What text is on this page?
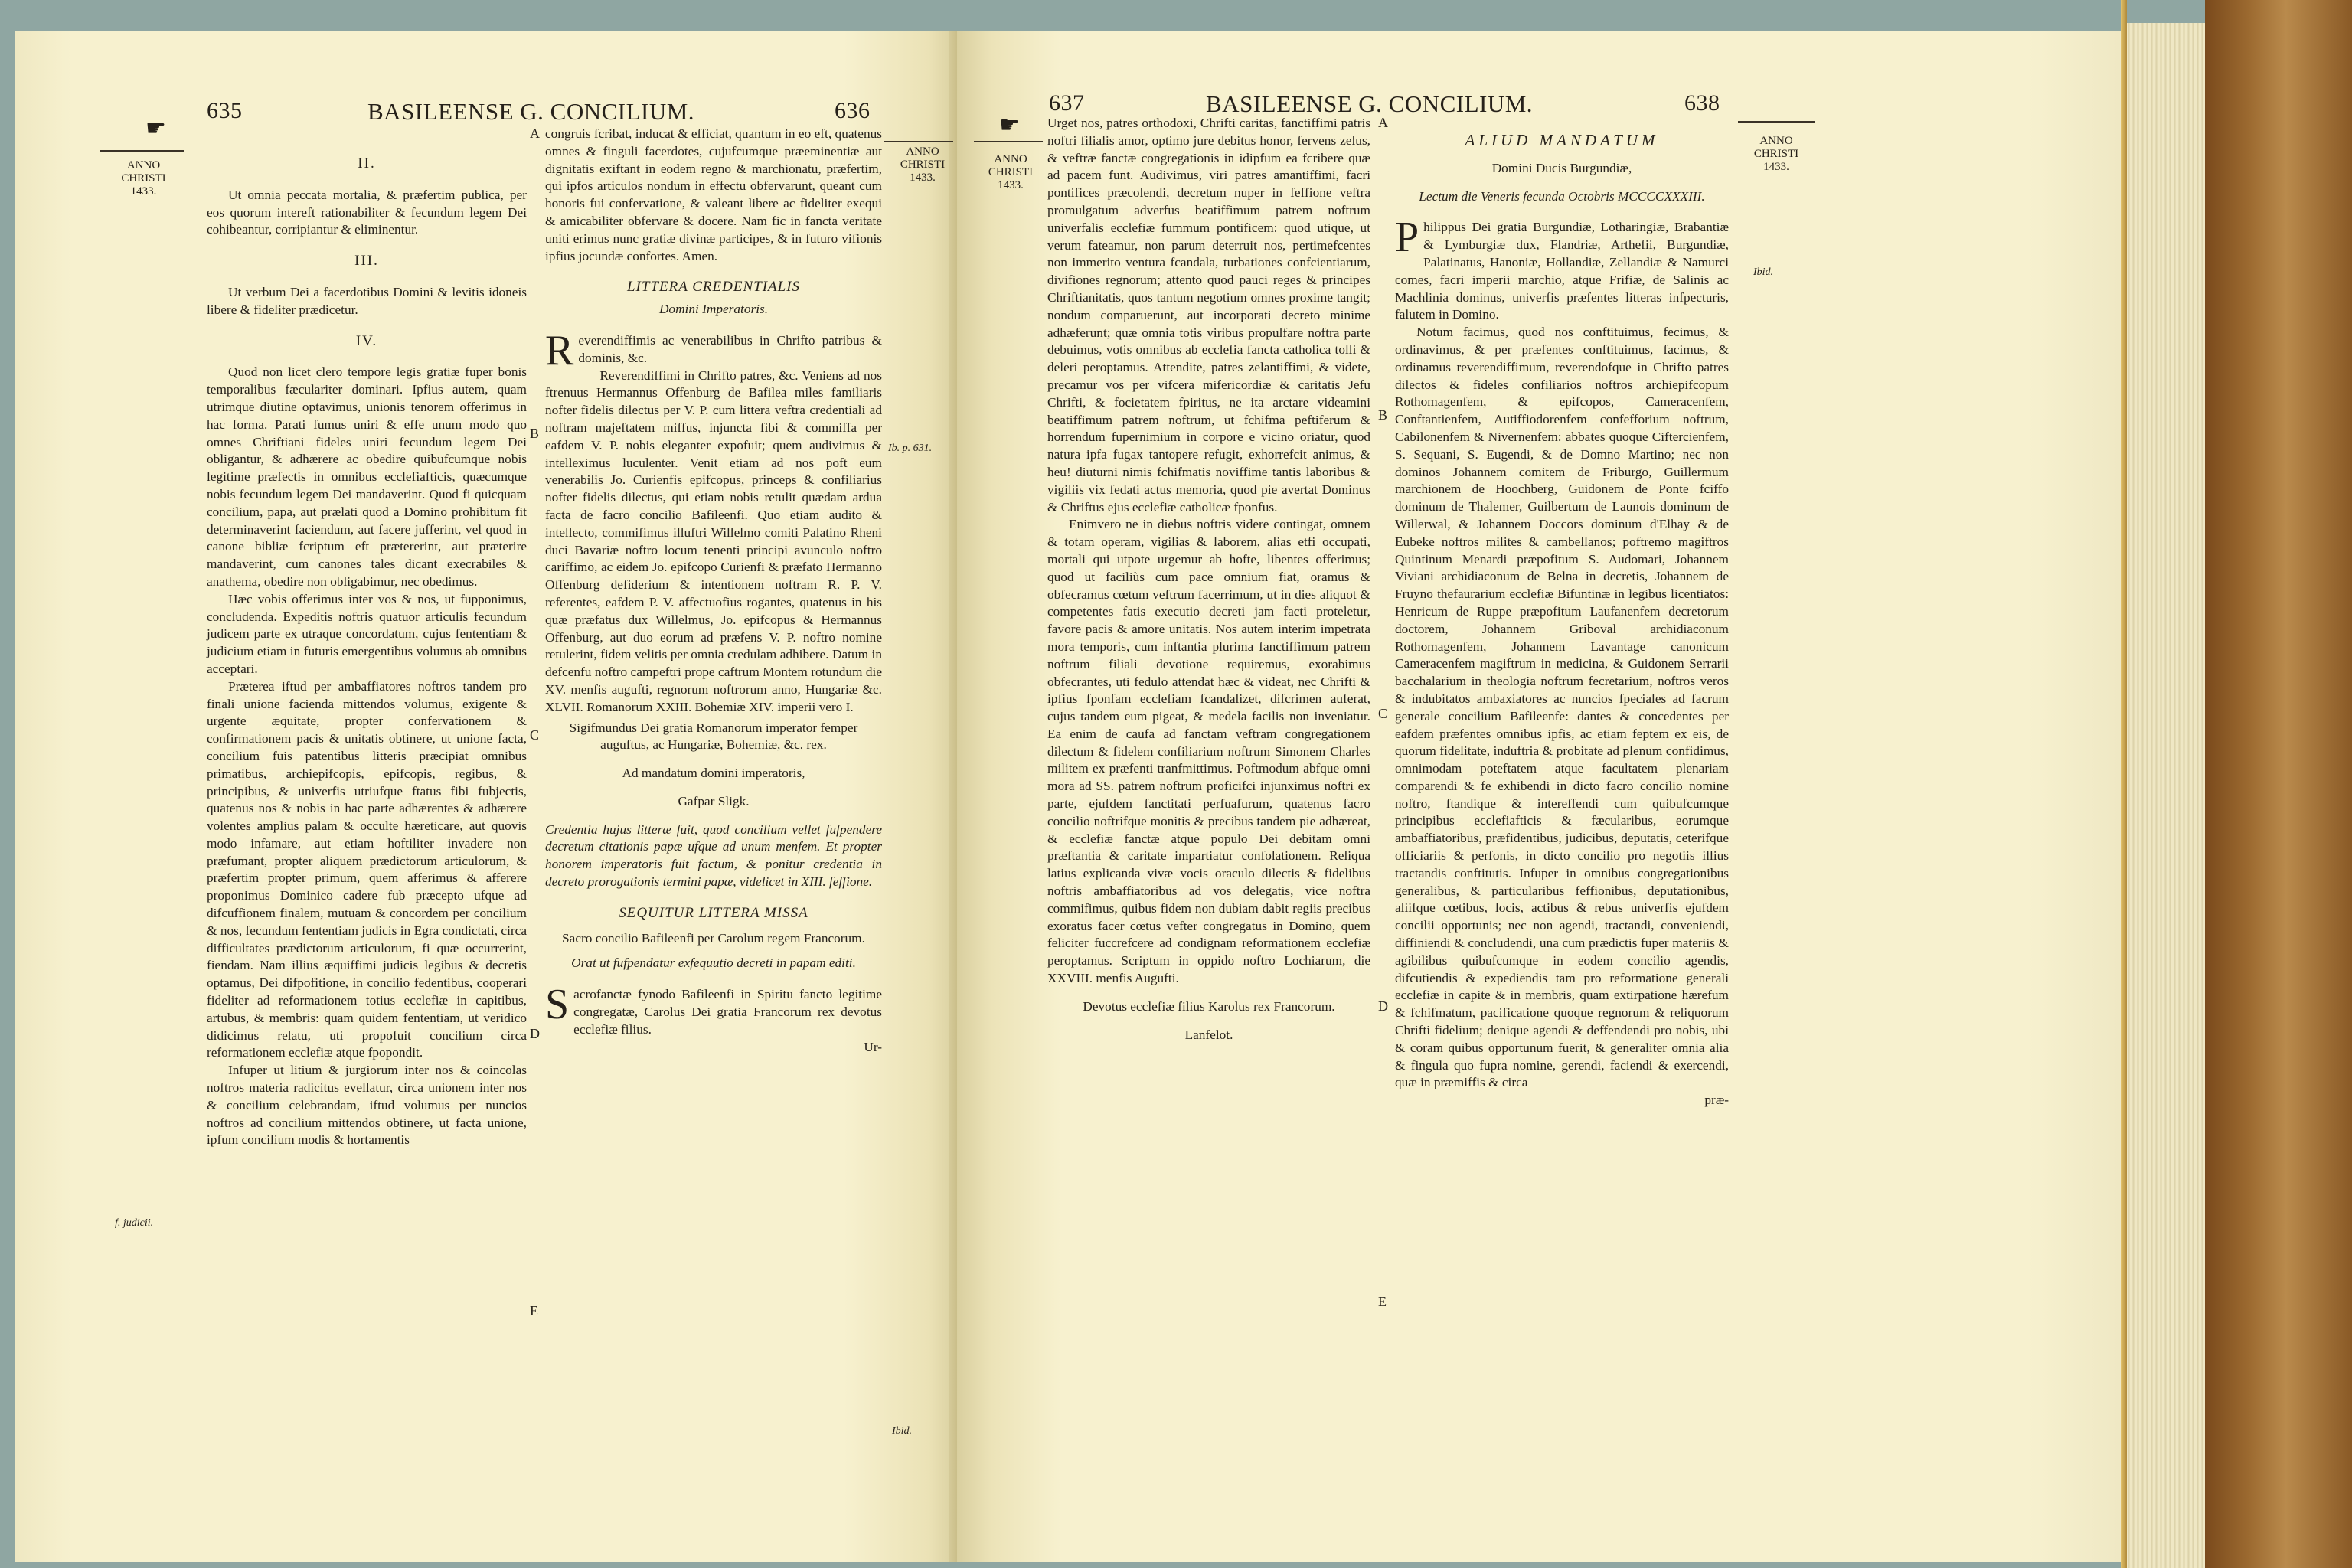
☛
635	BASILEENSE G. CONCILIUM.	636
ANNO CHRISTI 1433.
ANNO CHRISTI 1433.

II.

Ut omnia peccata mortalia, & præfertim publica, per eos quorum intereft rationabiliter & fecundum legem Dei cohibeantur, corripiantur & eliminentur.

III.

Ut verbum Dei a facerdotibus Domini & levitis idoneis libere & fideliter prædicetur.

IV.

Quod non licet clero tempore legis gratiæ fuper bonis temporalibus fæculariter dominari. Ipfius autem, quam utrimque diutine optavimus, unionis tenorem offerimus in hac forma. Parati fumus uniri & effe unum modo quo omnes Chriftiani fideles uniri fecundum legem Dei obligantur, & adhærere ac obedire quibufcumque nobis legitime præfectis in omnibus ecclefiafticis, quæcumque nobis fecundum legem Dei mandaverint. Quod fi quicquam concilium, papa, aut prælati quod a Domino prohibitum fit determinaverint faciendum, aut facere jufferint, vel quod in canone bibliæ fcriptum eft prætererint, aut præterire mandaverint, cum canones tales dicant execrabiles & anathema, obedire non obligabimur, nec obedimus.

Hæc vobis offerimus inter vos & nos, ut fupponimus, concludenda. Expeditis noftris quatuor articulis fecundum judicem parte ex utraque concordatum, cujus fententiam & judicium etiam in futuris emergentibus volumus ab omnibus acceptari.

Præterea iftud per ambaffiatores noftros tandem pro finali unione facienda mittendos volumus, exigente & urgente æquitate, propter confervationem & confirmationem pacis & unitatis obtinere, ut unione facta, concilium fuis patentibus litteris præcipiat omnibus primatibus, archiepifcopis, epifcopis, regibus, & principibus, & univerfis utriufque ftatus fibi fubjectis, quatenus nos & nobis in hac parte adhærentes & adhærere volentes amplius palam & occulte hæreticare, aut quovis modo infamare, aut etiam hoftiliter invadere non præfumant, propter aliquem prædictorum articulorum, & præfertim propter primum, quem afferimus & afferere proponimus Dominico cadere fub præcepto ufque ad difcuffionem finalem, mutuam & concordem per concilium & nos, fecundum fententiam judicis in Egra condictati, circa difficultates prædictorum articulorum, fi quæ occurrerint, fiendam. Nam illius æquiffimi judicis legibus & decretis optamus, Dei difpofitione, in concilio fedentibus, cooperari fideliter ad reformationem totius ecclefiæ in capitibus, artubus, & membris: quam quidem fententiam, ut veridico didicimus relatu, uti propofuit concilium circa reformationem ecclefiæ atque fpopondit.

Infuper ut litium & jurgiorum inter nos & coincolas noftros materia radicitus evellatur, circa unionem inter nos & concilium celebrandam, iftud volumus per nuncios noftros ad concilium mittendos obtinere, ut facta unione, ipfum concilium modis & hortamentis

congruis fcribat, inducat & efficiat, quantum in eo eft, quatenus omnes & finguli facerdotes, cujufcumque præeminentiæ aut dignitatis exiftant in eodem regno & marchionatu, præfertim, qui ipfos articulos nondum in effectu obfervarunt, queant cum honoris fui confervatione, & valeant libere ac fideliter exequi & amicabiliter obfervare & docere. Nam fic in fancta veritate uniti erimus nunc gratiæ divinæ participes, & in futuro vifionis ipfius jocundæ confortes. Amen.

LITTERA CREDENTIALIS

Domini Imperatoris.

Reverendiffimis ac venerabilibus in Chrifto patribus & dominis, &c.

Reverendiffimi in Chrifto patres, &c. Veniens ad nos ftrenuus Hermannus Offenburg de Bafilea miles familiaris nofter fidelis dilectus per V. P. cum littera veftra credentiali ad noftram majeftatem miffus, injuncta fibi & commiffa per eafdem V. P. nobis eleganter expofuit; quem audivimus & intelleximus luculenter. Venit etiam ad nos poft eum venerabilis Jo. Curienfis epifcopus, princeps & confiliarius nofter fidelis dilectus, qui etiam nobis retulit quædam ardua facta de facro concilio Bafileenfi. Quo etiam audito & intellecto, commifimus illuftri Willelmo comiti Palatino Rheni duci Bavariæ noftro locum tenenti principi avunculo noftro cariffimo, ac eidem Jo. epifcopo Curienfi & præfato Hermanno Offenburg defiderium & intentionem noftram R. P. V. referentes, eafdem P. V. affectuofius rogantes, quatenus in his quæ præfatus dux Willelmus, Jo. epifcopus & Hermannus Offenburg, aut duo eorum ad præfens V. P. noftro nomine retulerint, fidem velitis per omnia credulam adhibere. Datum in defcenfu noftro campeftri prope caftrum Montem rotundum die XV. menfis augufti, regnorum noftrorum anno, Hungariæ &c. XLVII. Romanorum XXIII. Bohemiæ XIV. imperii vero I.

Sigifmundus Dei gratia Romanorum imperator femper auguftus, ac Hungariæ, Bohemiæ, &c. rex.

Ad mandatum domini imperatoris,

Gafpar Sligk.

Credentia hujus litteræ fuit, quod concilium vellet fufpendere decretum citationis papæ ufque ad unum menfem. Et propter honorem imperatoris fuit factum, & ponitur credentia in decreto prorogationis termini papæ, videlicet in XIII. feffione.

SEQUITUR LITTERA MISSA

Sacro concilio Bafileenfi per Carolum regem Francorum.

Orat ut fufpendatur exfequutio decreti in papam editi.

Sacrofanctæ fynodo Bafileenfi in Spiritu fancto legitime congregatæ, Carolus Dei gratia Francorum rex devotus ecclefiæ filius.

Ur-

A
B
C
D
E
f. judicii.
Ib. p. 631.
Ibid.
☛
637	BASILEENSE G. CONCILIUM.	638
ANNO CHRISTI 1433.
ANNO CHRISTI 1433.

Urget nos, patres orthodoxi, Chrifti caritas, fanctiffimi patris noftri filialis amor, optimo jure debitus honor, fervens zelus, & veftræ fanctæ congregationis in idipfum ea fcribere quæ ad pacem funt. Audivimus, viri patres amantiffimi, facri pontifices præcolendi, decretum nuper in feffione veftra promulgatum adverfus beatiffimum patrem noftrum univerfalis ecclefiæ fummum pontificem: quod utique, ut verum fateamur, non parum deterruit nos, pertimefcentes non immerito ventura fcandala, turbationes confcientiarum, divifiones regnorum; attento quod pauci reges & principes Chriftianitatis, quos tantum negotium omnes proxime tangit; nondum comparuerunt, aut incorporati decreto minime adhæferunt; quæ omnia totis viribus propulfare noftra parte debuimus, votis omnibus ab ecclefia fancta catholica tolli & deleri peroptamus. Attendite, patres zelantiffimi, & videte, precamur vos per vifcera mifericordiæ & caritatis Jefu Chrifti, & focietatem fpiritus, ne ita arctare videamini beatiffimum patrem noftrum, ut fchifma peftiferum & horrendum fupernimium in corpore e vicino oriatur, quod natura ipfa fugax tantopere refugit, exhorrefcit animus, & heu! diuturni nimis fchifmatis noviffime tantis laboribus & vigiliis vix fedati actus memoria, quod pie avertat Dominus & Chriftus ejus ecclefiæ catholicæ fponfus.

Enimvero ne in diebus noftris videre contingat, omnem & totam operam, vigilias & laborem, alias etfi occupati, mortali qui utpote urgemur ab hofte, libentes offerimus; quod ut faciliùs cum pace omnium fiat, oramus & obfecramus cœtum veftrum facerrimum, ut in dies aliquot & competentes fatis executio decreti jam facti proteletur, favore pacis & amore unitatis. Nos autem interim impetrata mora temporis, cum inftantia plurima fanctiffimum patrem noftrum filiali devotione requiremus, exorabimus obfecrantes, uti fedulo attendat hæc & videat, nec Chrifti & ipfius fponfam ecclefiam fcandalizet, difcrimen auferat, cujus tandem eum pigeat, & medela facilis non inveniatur. Ea enim de caufa ad fanctam veftram congregationem dilectum & fidelem confiliarium noftrum Simonem Charles militem ex præfenti tranfmittimus. Poftmodum abfque omni mora ad SS. patrem noftrum proficifci injunximus noftri ex parte, ejufdem fanctitati perfuafurum, quatenus facro concilio noftrifque monitis & precibus tandem pie adhæreat, & ecclefiæ fanctæ atque populo Dei debitam omni præftantia & caritate impartiatur confolationem. Reliqua latius explicanda vivæ vocis oraculo dilectis & fidelibus noftris ambaffiatoribus ad vos delegatis, vice noftra commifimus, quibus fidem non dubiam dabit regiis precibus exoratus facer cœtus vefter congregatus in Domino, quem feliciter fuccrefcere ad condignam reformationem ecclefiæ peroptamus. Scriptum in oppido noftro Lochiarum, die XXVIII. menfis Augufti.

Devotus ecclefiæ filius Karolus rex Francorum.

Lanfelot.

ALIUD MANDATUM

Domini Ducis Burgundiæ,

Lectum die Veneris fecunda Octobris MCCCCXXXIII.

Philippus Dei gratia Burgundiæ, Lotharingiæ, Brabantiæ & Lymburgiæ dux, Flandriæ, Arthefii, Burgundiæ, Palatinatus, Hanoniæ, Hollandiæ, Zellandiæ & Namurci comes, facri imperii marchio, atque Frifiæ, de Salinis ac Machlinia dominus, univerfis præfentes litteras infpecturis, falutem in Domino.

Notum facimus, quod nos conftituimus, fecimus, & ordinavimus, & per præfentes conftituimus, facimus, & ordinamus reverendiffimum, reverendofque in Chrifto patres dilectos & fideles confiliarios noftros archiepifcopum Rothomagenfem, & epifcopos, Cameracenfem, Conftantienfem, Autiffiodorenfem confefforium noftrum, Cabilonenfem & Nivernenfem: abbates quoque Ciftercienfem, S. Sequani, S. Eugendi, & de Domno Martino; nec non dominos Johannem comitem de Friburgo, Guillermum marchionem de Hoochberg, Guidonem de Ponte fciffo dominum de Thalemer, Guilbertum de Launois dominum de Willerwal, & Johannem Doccors dominum d'Elhay & de Eubeke noftros milites & cambellanos; poftremo magiftros Quintinum Menardi præpofitum S. Audomari, Johannem Viviani archidiaconum de Belna in decretis, Johannem de Fruyno thefaurarium ecclefiæ Bifuntinæ in legibus licentiatos: Henricum de Ruppe præpofitum Laufanenfem decretorum doctorem, Johannem Griboval archidiaconum Rothomagenfem, Johannem Lavantage canonicum Cameracenfem magiftrum in medicina, & Guidonem Serrarii bacchalarium in theologia noftrum fecretarium, noftros veros & indubitatos ambaxiatores ac nuncios fpeciales ad facrum generale concilium Bafileenfe: dantes & concedentes per eafdem præfentes omnibus ipfis, ac etiam feptem ex eis, de quorum fidelitate, induftria & probitate ad plenum confidimus, omnimodam poteftatem atque facultatem plenariam comparendi & fe exhibendi in dicto facro concilio nomine noftro, ftandique & intereffendi cum quibufcumque principibus ecclefiafticis & fæcularibus, eorumque ambaffiatoribus, præfidentibus, judicibus, deputatis, ceterifque officiariis & perfonis, in dicto concilio pro negotiis illius tractandis conftitutis. Infuper in omnibus congregationibus generalibus, & particularibus feffionibus, deputationibus, aliifque cœtibus, locis, actibus & rebus univerfis ejufdem concilii opportunis; nec non agendi, tractandi, conveniendi, diffiniendi & concludendi, una cum prædictis fuper materiis & agibilibus quibufcumque in eodem concilio agendis, difcutiendis & expediendis tam pro reformatione generali ecclefiæ in capite & in membris, quam extirpatione hærefum & fchifmatum, pacificatione quoque regnorum & reliquorum Chrifti fidelium; denique agendi & deffendendi pro nobis, ubi & coram quibus opportunum fuerit, & generaliter omnia alia & fingula quo fupra nomine, gerendi, faciendi & exercendi, quæ in præmiffis & circa

præ-

A
B
C
D
E
Ibid.
